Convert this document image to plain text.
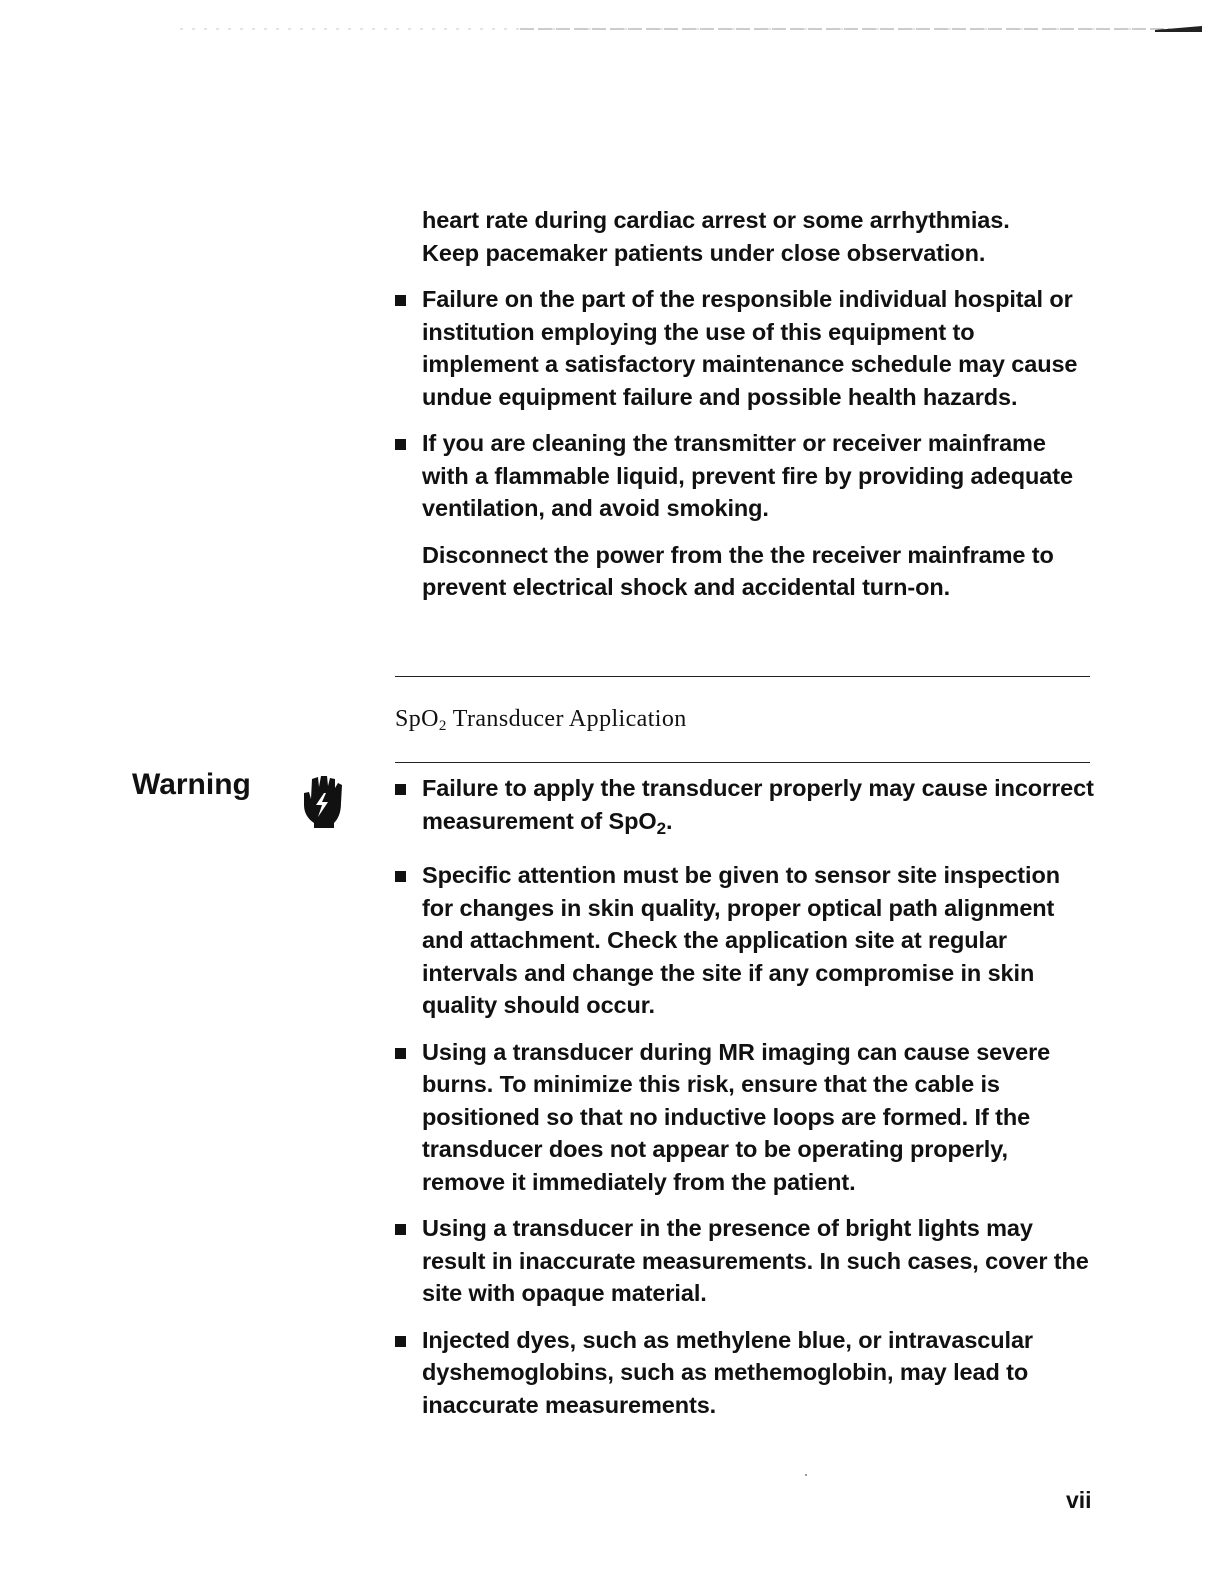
heart rate during cardiac arrest or some arrhythmias.
Keep pacemaker patients under close observation.
Failure on the part of the responsible individual hospital or institution employing the use of this equipment to implement a satisfactory maintenance schedule may cause undue equipment failure and possible health hazards.
If you are cleaning the transmitter or receiver mainframe with a flammable liquid, prevent fire by providing adequate ventilation, and avoid smoking.
Disconnect the power from the the receiver mainframe to prevent electrical shock and accidental turn-on.
SpO$_2$ Transducer Application
Warning	Failure to apply the transducer properly may cause incorrect measurement of SpO$_2$.
Specific attention must be given to sensor site inspection for changes in skin quality, proper optical path alignment and attachment. Check the application site at regular intervals and change the site if any compromise in skin quality should occur.
Using a transducer during MR imaging can cause severe burns. To minimize this risk, ensure that the cable is positioned so that no inductive loops are formed. If the transducer does not appear to be operating properly, remove it immediately from the patient.
Using a transducer in the presence of bright lights may result in inaccurate measurements. In such cases, cover the site with opaque material.
Injected dyes, such as methylene blue, or intravascular dyshemoglobins, such as methemoglobin, may lead to inaccurate measurements.
vii
